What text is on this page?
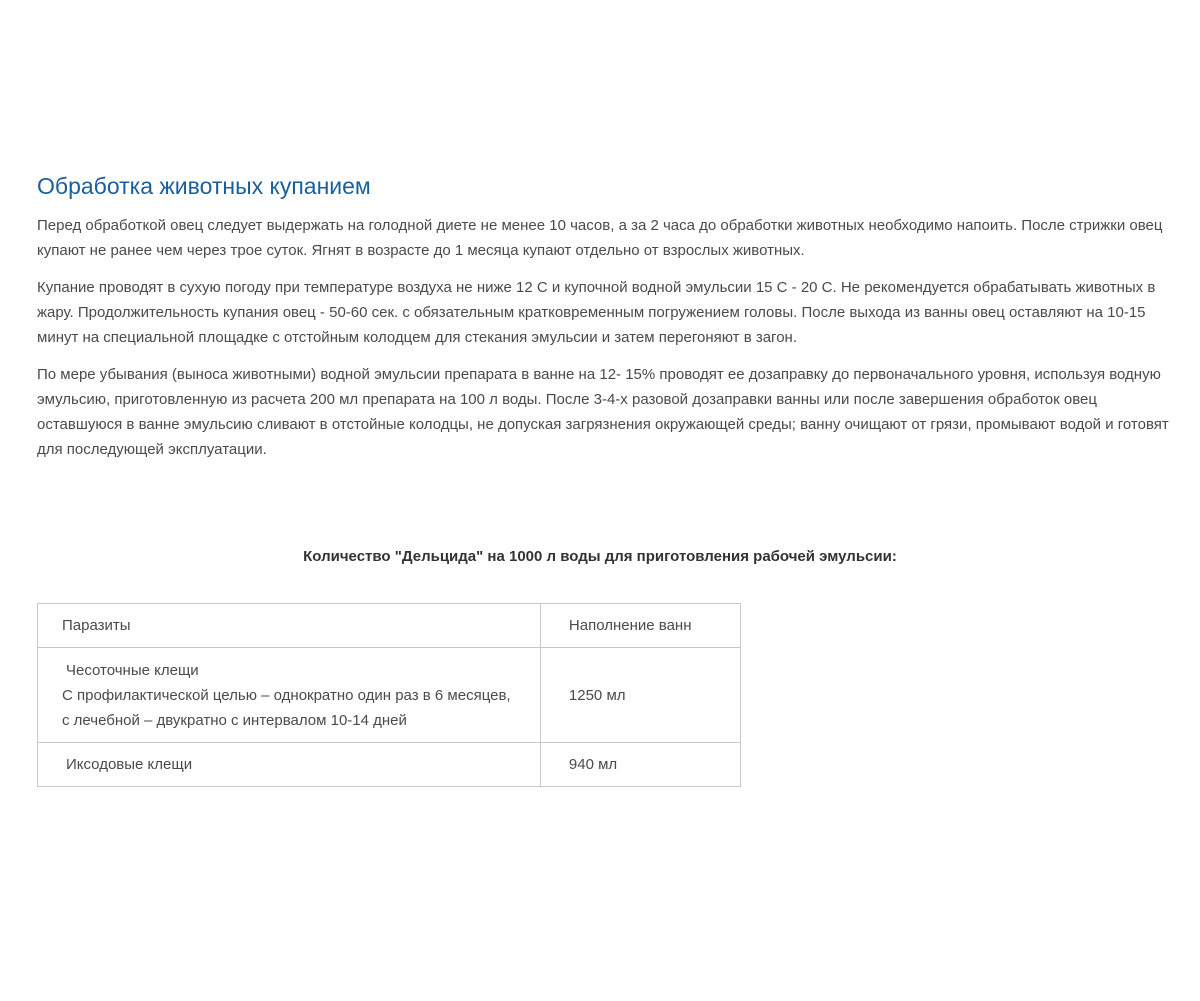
Обработка животных купанием

Перед обработкой овец следует выдержать на голодной диете не менее 10 часов, а за 2 часа до обработки животных необходимо напоить. После стрижки овец купают не ранее чем через трое суток. Ягнят в возрасте до 1 месяца купают отдельно от взрослых животных.

Купание проводят в сухую погоду при температуре воздуха не ниже 12 С и купочной водной эмульсии 15 С - 20 С. Не рекомендуется обрабатывать животных в жару. Продолжительность купания овец - 50-60 сек. с обязательным кратковременным погружением головы. После выхода из ванны овец оставляют на 10-15 минут на специальной площадке с отстойным колодцем для стекания эмульсии и затем перегоняют в загон.

По мере убывания (выноса животными) водной эмульсии препарата в ванне на 12- 15% проводят ее дозаправку до первоначального уровня, используя водную эмульсию, приготовленную из расчета 200 мл препарата на 100 л воды. После 3-4-х разовой дозаправки ванны или после завершения обработок овец оставшуюся в ванне эмульсию сливают в отстойные колодцы, не допуская загрязнения окружающей среды; ванну очищают от грязи, промывают водой и готовят для последующей эксплуатации.

Количество "Дельцида" на 1000 л воды для приготовления рабочей эмульсии:
Паразиты	Наполнение ванн

Чесоточные клещи
С профилактической целью – однократно один раз в 6 месяцев,
с лечебной – двукратно с интервалом 10-14 дней	1250 мл

Иксодовые клещи	940 мл
